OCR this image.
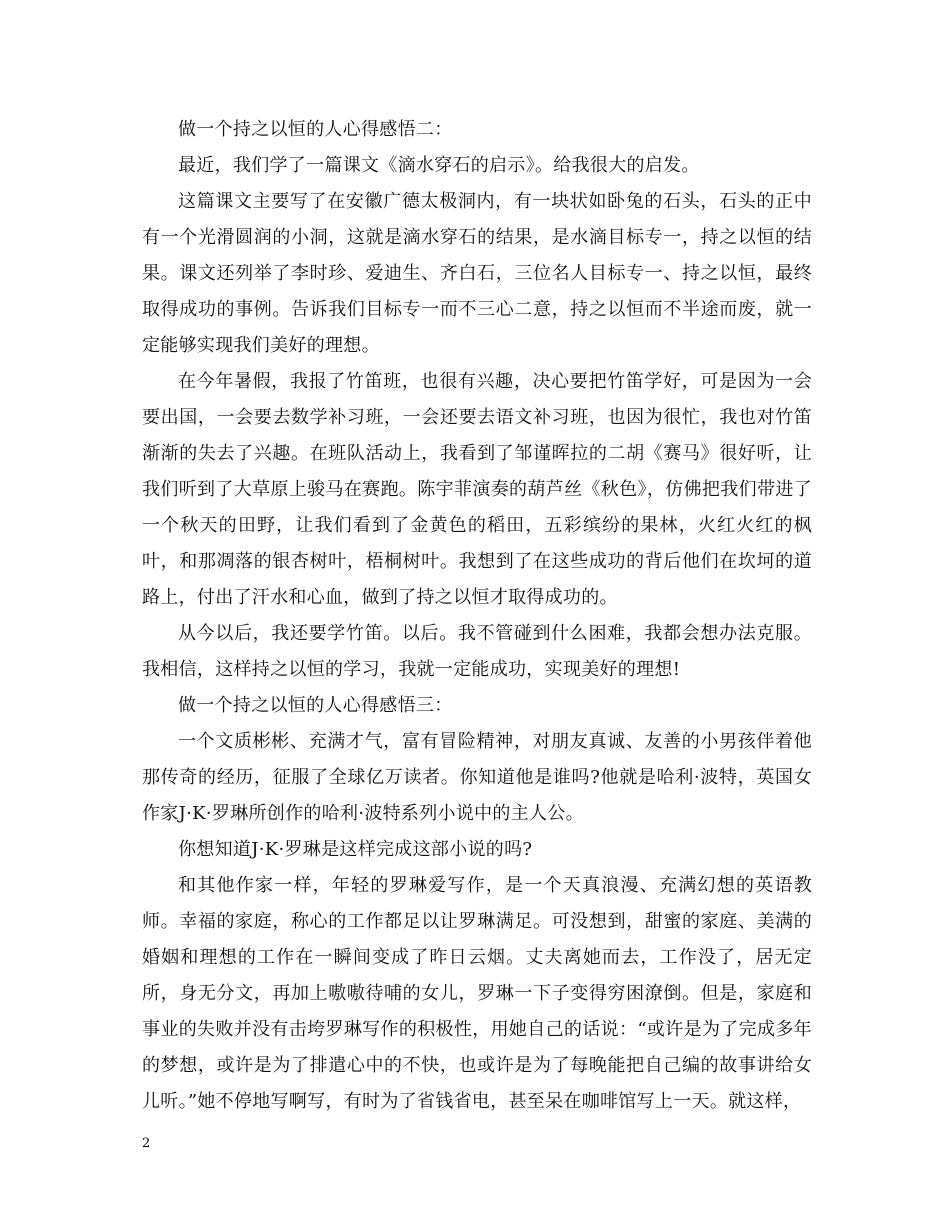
做一个持之以恒的人心得感悟二：

最近，我们学了一篇课文《滴水穿石的启示》。给我很大的启发。

这篇课文主要写了在安徽广德太极洞内，有一块状如卧兔的石头，石头的正中有一个光滑圆润的小洞，这就是滴水穿石的结果，是水滴目标专一，持之以恒的结果。课文还列举了李时珍、爱迪生、齐白石，三位名人目标专一、持之以恒，最终取得成功的事例。告诉我们目标专一而不三心二意，持之以恒而不半途而废，就一定能够实现我们美好的理想。

在今年暑假，我报了竹笛班，也很有兴趣，决心要把竹笛学好，可是因为一会要出国，一会要去数学补习班，一会还要去语文补习班，也因为很忙，我也对竹笛渐渐的失去了兴趣。在班队活动上，我看到了邹谨晖拉的二胡《赛马》很好听，让我们听到了大草原上骏马在赛跑。陈宇菲演奏的葫芦丝《秋色》，仿佛把我们带进了一个秋天的田野，让我们看到了金黄色的稻田，五彩缤纷的果林，火红火红的枫叶，和那凋落的银杏树叶，梧桐树叶。我想到了在这些成功的背后他们在坎坷的道路上，付出了汗水和心血，做到了持之以恒才取得成功的。

从今以后，我还要学竹笛。以后。我不管碰到什么困难，我都会想办法克服。我相信，这样持之以恒的学习，我就一定能成功，实现美好的理想!

做一个持之以恒的人心得感悟三：

一个文质彬彬、充满才气，富有冒险精神，对朋友真诚、友善的小男孩伴着他那传奇的经历，征服了全球亿万读者。你知道他是谁吗?他就是哈利·波特，英国女作家J·K·罗琳所创作的哈利·波特系列小说中的主人公。

你想知道J·K·罗琳是这样完成这部小说的吗?

和其他作家一样，年轻的罗琳爱写作，是一个天真浪漫、充满幻想的英语教师。幸福的家庭，称心的工作都足以让罗琳满足。可没想到，甜蜜的家庭、美满的婚姻和理想的工作在一瞬间变成了昨日云烟。丈夫离她而去，工作没了，居无定所，身无分文，再加上嗷嗷待哺的女儿，罗琳一下子变得穷困潦倒。但是，家庭和事业的失败并没有击垮罗琳写作的积极性，用她自己的话说：“或许是为了完成多年的梦想，或许是为了排遣心中的不快，也或许是为了每晚能把自己编的故事讲给女儿听。”她不停地写啊写，有时为了省钱省电，甚至呆在咖啡馆写上一天。就这样，

2
